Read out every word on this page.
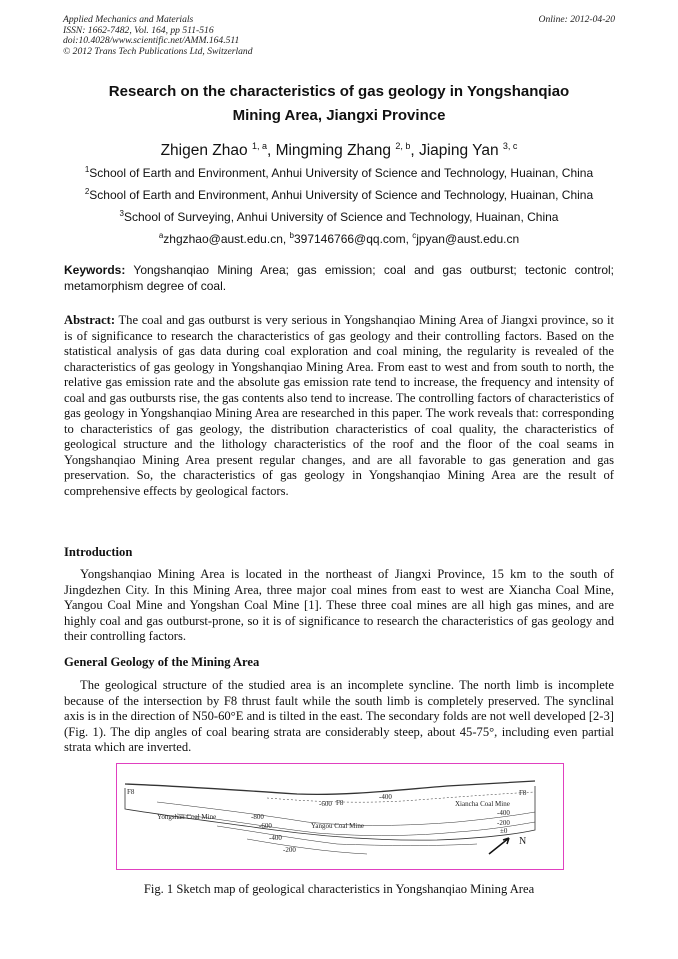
Applied Mechanics and Materials
ISSN: 1662-7482, Vol. 164, pp 511-516
doi:10.4028/www.scientific.net/AMM.164.511
© 2012 Trans Tech Publications Ltd, Switzerland
Online: 2012-04-20
Research on the characteristics of gas geology in Yongshanqiao
Mining Area, Jiangxi Province
Zhigen Zhao $^{1, a}$, Mingming Zhang $^{2, b}$, Jiaping Yan $^{3, c}$
$^1$School of Earth and Environment, Anhui University of Science and Technology, Huainan, China
$^2$School of Earth and Environment, Anhui University of Science and Technology, Huainan, China
$^3$School of Surveying, Anhui University of Science and Technology, Huainan, China
$^a$zhgzhao@aust.edu.cn, $^b$397146766@qq.com, $^c$jpyan@aust.edu.cn
Keywords: Yongshanqiao Mining Area; gas emission; coal and gas outburst; tectonic control; metamorphism degree of coal.
Abstract: The coal and gas outburst is very serious in Yongshanqiao Mining Area of Jiangxi province, so it is of significance to research the characteristics of gas geology and their controlling factors. Based on the statistical analysis of gas data during coal exploration and coal mining, the regularity is revealed of the characteristics of gas geology in Yongshanqiao Mining Area. From east to west and from south to north, the relative gas emission rate and the absolute gas emission rate tend to increase, the frequency and intensity of coal and gas outbursts rise, the gas contents also tend to increase. The controlling factors of characteristics of gas geology in Yongshanqiao Mining Area are researched in this paper. The work reveals that: corresponding to characteristics of gas geology, the distribution characteristics of coal quality, the characteristics of geological structure and the lithology characteristics of the roof and the floor of the coal seams in Yongshanqiao Mining Area present regular changes, and are all favorable to gas generation and gas preservation. So, the characteristics of gas geology in Yongshanqiao Mining Area are the result of comprehensive effects by geological factors.
Introduction
Yongshanqiao Mining Area is located in the northeast of Jiangxi Province, 15 km to the south of Jingdezhen City. In this Mining Area, three major coal mines from east to west are Xiancha Coal Mine, Yangou Coal Mine and Yongshan Coal Mine [1]. These three coal mines are all high gas mines, and are highly coal and gas outburst-prone, so it is of significance to research the characteristics of gas geology and their controlling factors.
General Geology of the Mining Area
The geological structure of the studied area is an incomplete syncline. The north limb is incomplete because of the intersection by F8 thrust fault while the south limb is completely preserved. The synclinal axis is in the direction of N50-60°E and is tilted in the east. The secondary folds are not well developed [2-3] (Fig. 1). The dip angles of coal bearing strata are considerably steep, about 45-75°, including even partial strata which are inverted.
F8
F8
F8
Yongshan Coal Mine
Yangou Coal Mine
Xiancha Coal Mine
-600
-400
-800
-600
-400
-200
-400
-200
±0
N
Fig. 1 Sketch map of geological characteristics in Yongshanqiao Mining Area
